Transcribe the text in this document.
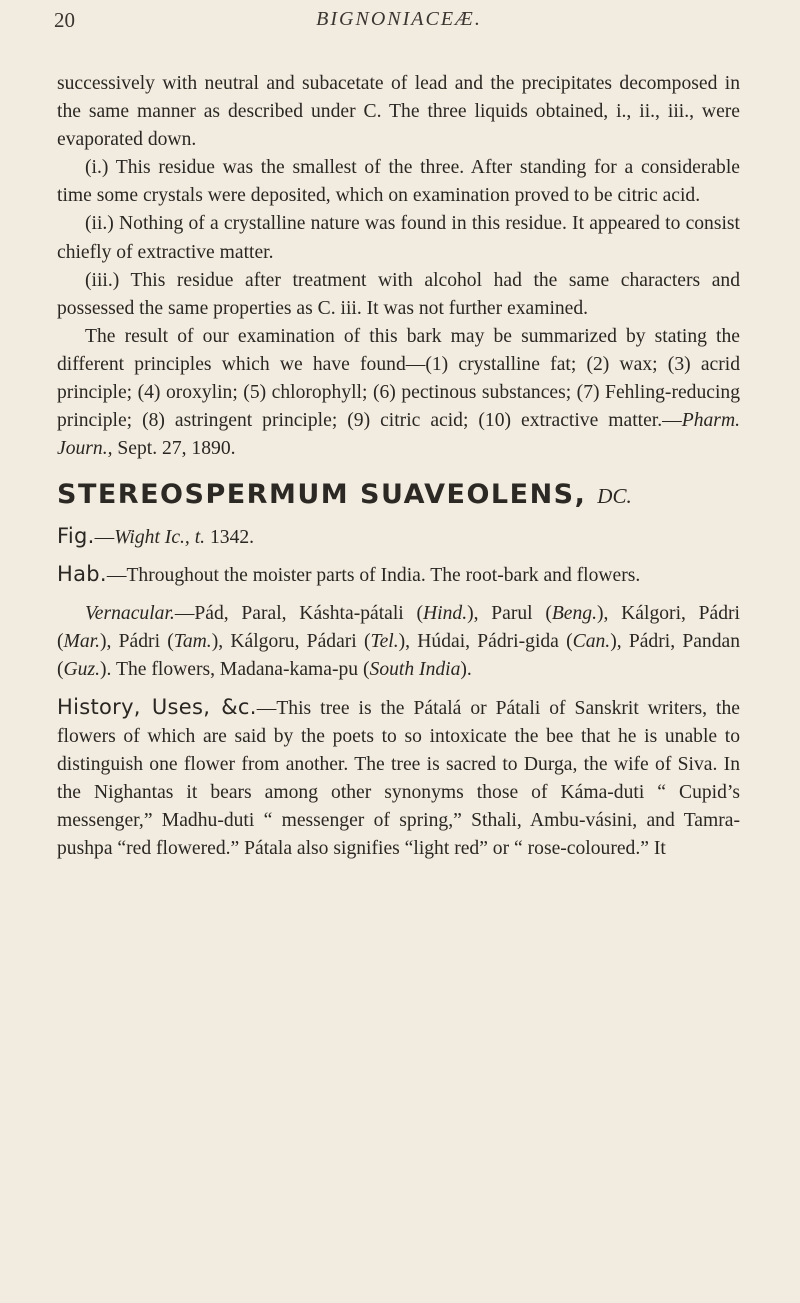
20	BIGNONIACEÆ.

successively with neutral and subacetate of lead and the precipitates decomposed in the same manner as described under C. The three liquids obtained, i., ii., iii., were evaporated down.

(i.) This residue was the smallest of the three. After standing for a considerable time some crystals were deposited, which on examination proved to be citric acid.

(ii.) Nothing of a crystalline nature was found in this residue. It appeared to consist chiefly of extractive matter.

(iii.) This residue after treatment with alcohol had the same characters and possessed the same properties as C. iii. It was not further examined.

The result of our examination of this bark may be summarized by stating the different principles which we have found—(1) crystalline fat; (2) wax; (3) acrid principle; (4) oroxylin; (5) chlorophyll; (6) pectinous substances; (7) Fehling-reducing principle; (8) astringent principle; (9) citric acid; (10) extractive matter.—Pharm. Journ., Sept. 27, 1890.

STEREOSPERMUM SUAVEOLENS, DC.

Fig.—Wight Ic., t. 1342.

Hab.—Throughout the moister parts of India. The root-bark and flowers.

Vernacular.—Pád, Paral, Káshta-pátali (Hind.), Parul (Beng.), Kálgori, Pádri (Mar.), Pádri (Tam.), Kálgoru, Pádari (Tel.), Húdai, Pádri-gida (Can.), Pádri, Pandan (Guz.). The flowers, Madana-kama-pu (South India).

History, Uses, &c.—This tree is the Pátalá or Pátali of Sanskrit writers, the flowers of which are said by the poets to so intoxicate the bee that he is unable to distinguish one flower from another. The tree is sacred to Durga, the wife of Siva. In the Nighantas it bears among other synonyms those of Káma-duti “ Cupid’s messenger,” Madhu-duti “ messenger of spring,” Sthali, Ambu-vásini, and Tamra-pushpa “red flowered.” Pátala also signifies “light red” or “ rose-coloured.” It
